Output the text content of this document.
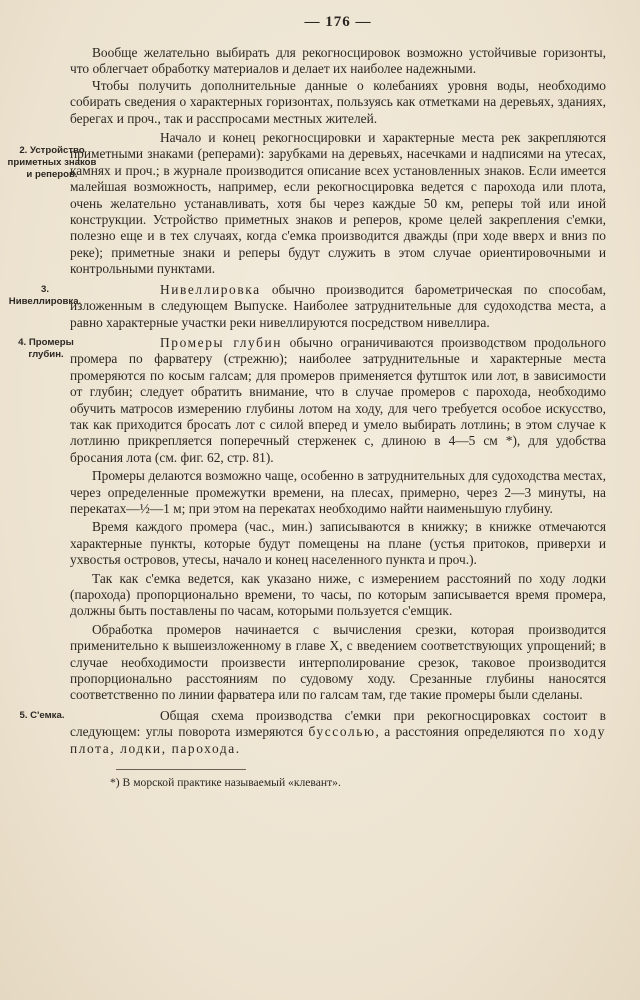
— 176 —

Вообще желательно выбирать для рекогносцировок возможно устойчивые горизонты, что облегчает обработку материалов и делает их наиболее надежными.

Чтобы получить дополнительные данные о колебаниях уровня воды, необходимо собирать сведения о характерных горизонтах, пользуясь как отметками на деревьях, зданиях, берегах и проч., так и расспросами местных жителей.

2. Устройство приметных знаков и реперов.

Начало и конец рекогносцировки и характерные места рек закрепляются приметными знаками (реперами): зарубками на деревьях, насечками и надписями на утесах, камнях и проч.; в журнале производится описание всех установленных знаков. Если имеется малейшая возможность, например, если рекогносцировка ведется с парохода или плота, очень желательно устанавливать, хотя бы через каждые 50 км, реперы той или иной конструкции. Устройство приметных знаков и реперов, кроме целей закрепления с'емки, полезно еще и в тех случаях, когда с'емка производится дважды (при ходе вверх и вниз по реке); приметные знаки и реперы будут служить в этом случае ориентировочными и контрольными пунктами.

3. Нивеллировка.

Нивеллировка обычно производится барометрическая по способам, изложенным в следующем Выпуске. Наиболее затруднительные для судоходства места, а равно характерные участки реки нивеллируются посредством нивеллира.

4. Промеры глубин.

Промеры глубин обычно ограничиваются производством продольного промера по фарватеру (стрежню); наиболее затруднительные и характерные места промеряются по косым галсам; для промеров применяется футшток или лот, в зависимости от глубин; следует обратить внимание, что в случае промеров с парохода, необходимо обучить матросов измерению глубины лотом на ходу, для чего требуется особое искусство, так как приходится бросать лот с силой вперед и умело выбирать лотлинь; в этом случае к лотлиню прикрепляется поперечный стерженек c, длиною в 4—5 см *), для удобства бросания лота (см. фиг. 62, стр. 81).

Промеры делаются возможно чаще, особенно в затруднительных для судоходства местах, через определенные промежутки времени, на плесах, примерно, через 2—3 минуты, на перекатах—½—1 м; при этом на перекатах необходимо найти наименьшую глубину.

Время каждого промера (час., мин.) записываются в книжку; в книжке отмечаются характерные пункты, которые будут помещены на плане (устья притоков, приверхи и ухвостья островов, утесы, начало и конец населенного пункта и проч.).

Так как с'емка ведется, как указано ниже, с измерением расстояний по ходу лодки (парохода) пропорционально времени, то часы, по которым записывается время промера, должны быть поставлены по часам, которыми пользуется с'емщик.

Обработка промеров начинается с вычисления срезки, которая производится применительно к вышеизложенному в главе X, с введением соответствующих упрощений; в случае необходимости произвести интерполирование срезок, таковое производится пропорционально расстояниям по судовому ходу. Срезанные глубины наносятся соответственно по линии фарватера или по галсам там, где такие промеры были сделаны.

5. С'емка.	Общая схема производства с'емки при рекогносцировках состоит в следующем: углы поворота измеряются буссолью, а расстояния определяются по ходу плота, лодки, парохода.

*) В морской практике называемый «клевант».
